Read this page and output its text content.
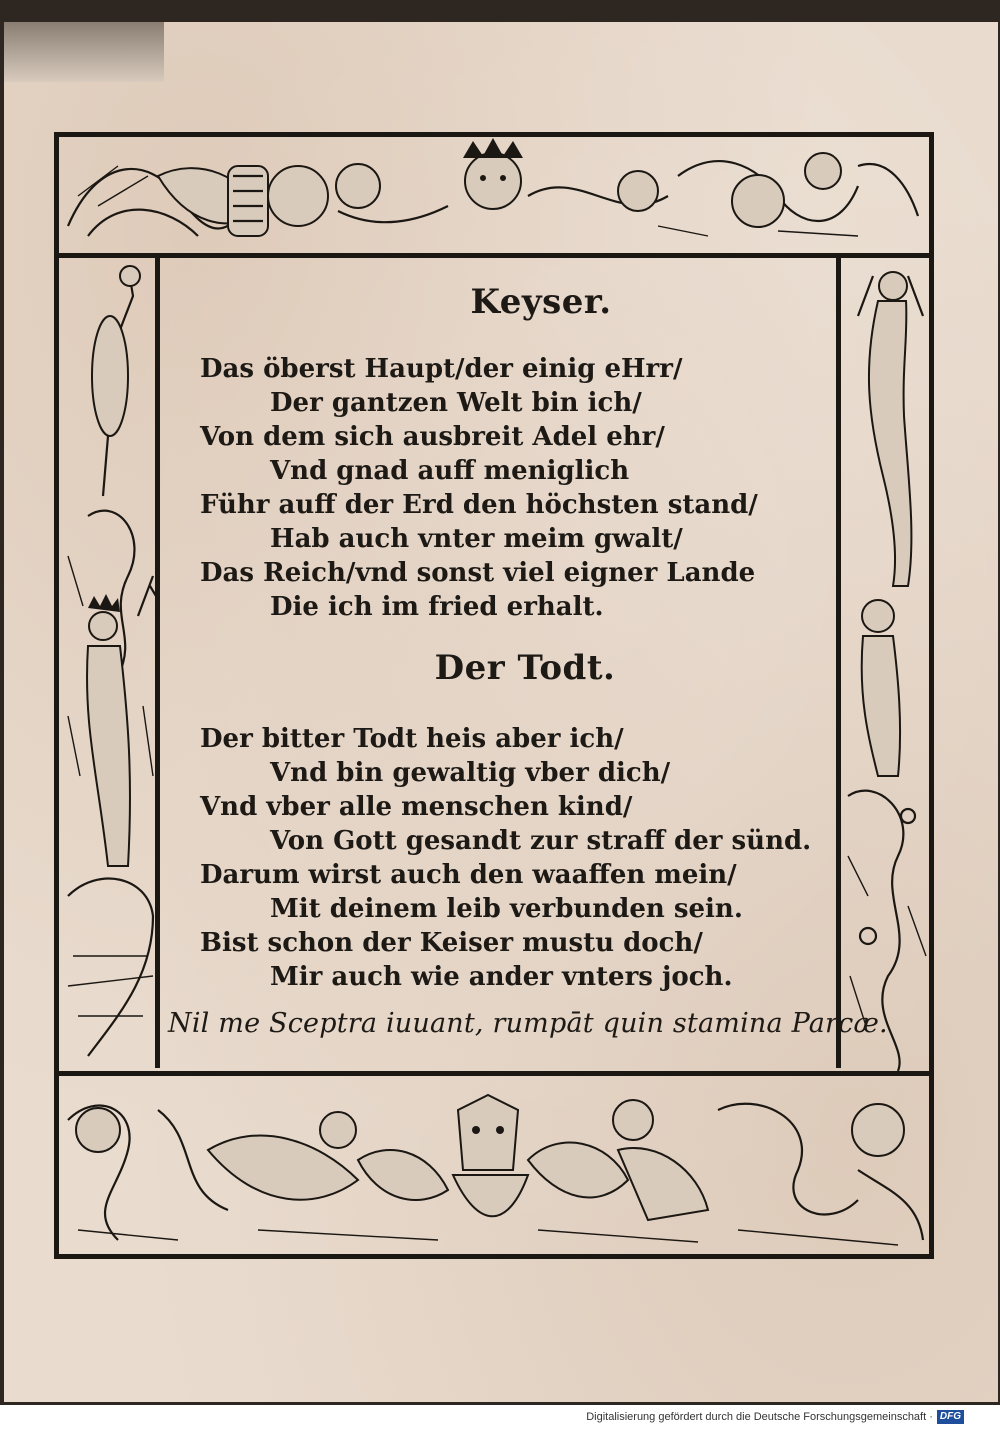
Keyser.
Das öberst Haupt/der einig eHrr/
Der gantzen Welt bin ich/
Von dem sich ausbreit Adel ehr/
Vnd gnad auff meniglich
Führ auff der Erd den höchsten stand/
Hab auch vnter meim gwalt/
Das Reich/vnd sonst viel eigner Lande
Die ich im fried erhalt.
Der Todt.
Der bitter Todt heis aber ich/
Vnd bin gewaltig vber dich/
Vnd vber alle menschen kind/
Von Gott gesandt zur straff der sünd.
Darum wirst auch den waaffen mein/
Mit deinem leib verbunden sein.
Bist schon der Keiser mustu doch/
Mir auch wie ander vnters joch.
Nil me Sceptra iuuant, rumpāt quin stamina Parcæ.
Digitalisierung gefördert durch die Deutsche Forschungsgemeinschaft · DFG
